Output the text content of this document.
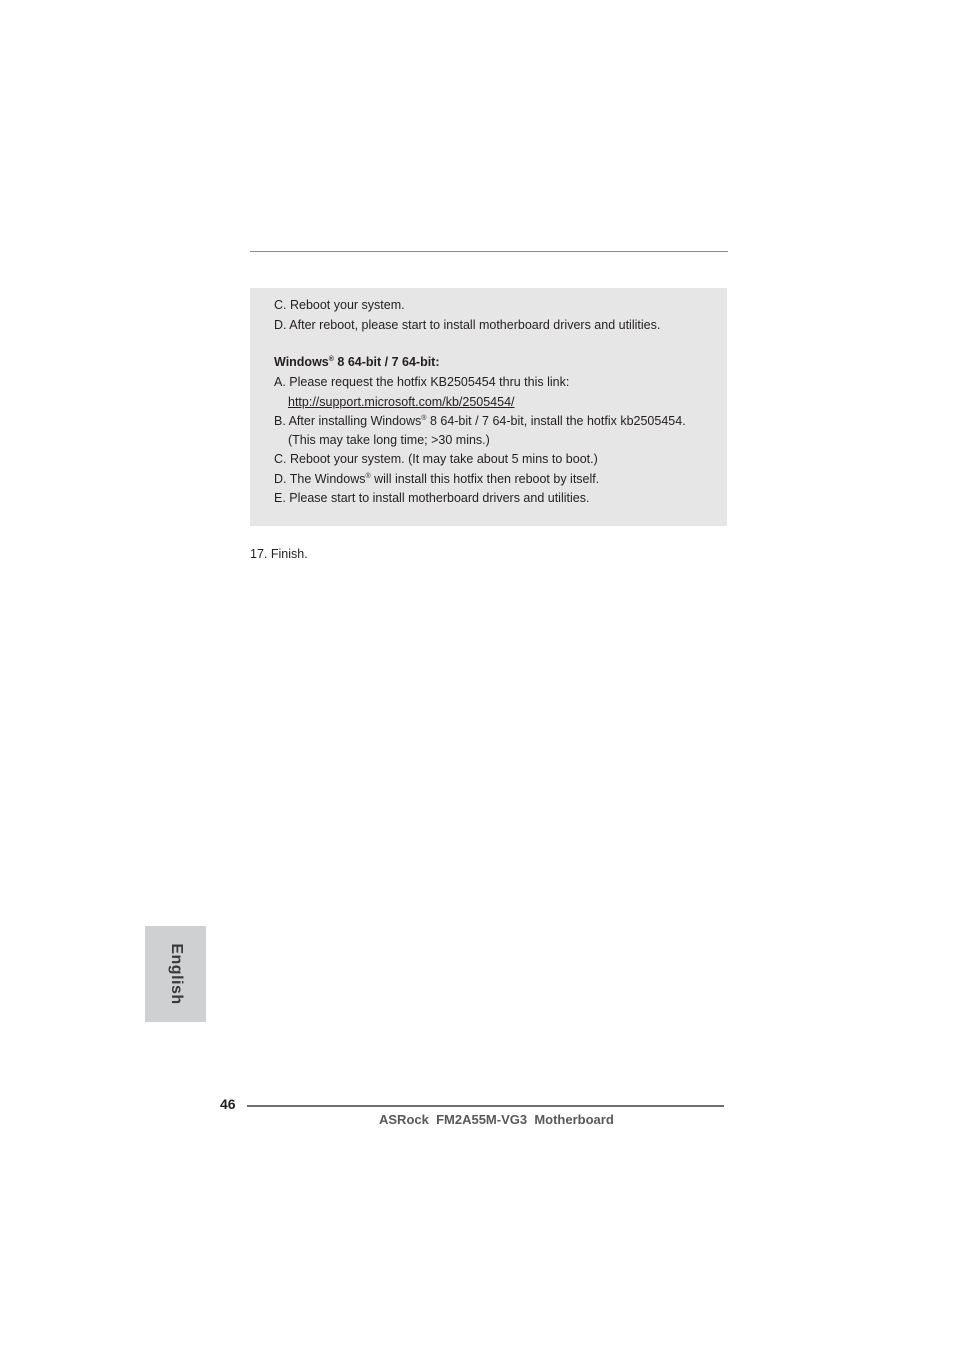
C. Reboot your system.
D. After reboot, please start to install motherboard drivers and utilities.
Windows® 8 64-bit / 7 64-bit:
A. Please request the hotfix KB2505454 thru this link:
http://support.microsoft.com/kb/2505454/
B. After installing Windows® 8 64-bit / 7 64-bit, install the hotfix kb2505454.
(This may take long time; >30 mins.)
C. Reboot your system. (It may take about 5 mins to boot.)
D. The Windows® will install this hotfix then reboot by itself.
E. Please start to install motherboard drivers and utilities.
17. Finish.
English
46
ASRock  FM2A55M-VG3  Motherboard
